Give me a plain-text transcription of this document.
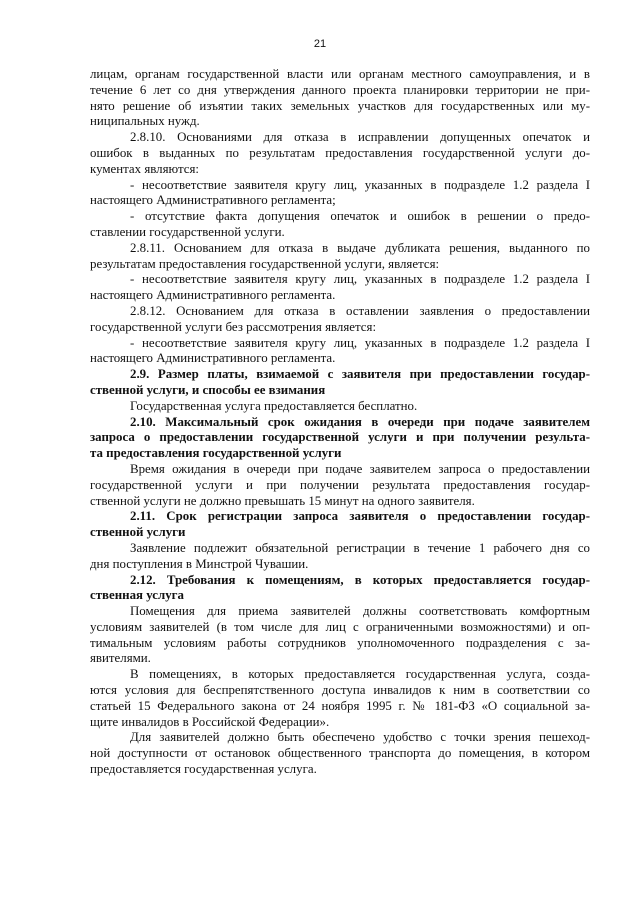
21
лицам, органам государственной власти или органам местного самоуправления, и в
течение 6 лет со дня утверждения данного проекта планировки территории не при-
нято решение об изъятии таких земельных участков для государственных или му-
ниципальных нужд.
2.8.10. Основаниями для отказа в исправлении допущенных опечаток и
ошибок в выданных по результатам предоставления государственной услуги до-
кументах являются:
- несоответствие заявителя кругу лиц, указанных в подразделе 1.2 раздела I
настоящего Административного регламента;
- отсутствие факта допущения опечаток и ошибок в решении о предо-
ставлении государственной услуги.
2.8.11. Основанием для отказа в выдаче дубликата решения, выданного по
результатам предоставления государственной услуги, является:
- несоответствие заявителя кругу лиц, указанных в подразделе 1.2 раздела I
настоящего Административного регламента.
2.8.12. Основанием для отказа в оставлении заявления о предоставлении
государственной услуги без рассмотрения является:
- несоответствие заявителя кругу лиц, указанных в подразделе 1.2 раздела I
настоящего Административного регламента.
2.9. Размер платы, взимаемой с заявителя при предоставлении государ-
ственной услуги, и способы ее взимания
Государственная услуга предоставляется бесплатно.
2.10. Максимальный срок ожидания в очереди при подаче заявителем
запроса о предоставлении государственной услуги и при получении результа-
та предоставления государственной услуги
Время ожидания в очереди при подаче заявителем запроса о предоставлении
государственной услуги и при получении результата предоставления государ-
ственной услуги не должно превышать 15 минут на одного заявителя.
2.11. Срок регистрации запроса заявителя о предоставлении государ-
ственной услуги
Заявление подлежит обязательной регистрации в течение 1 рабочего дня со
дня поступления в Минстрой Чувашии.
2.12. Требования к помещениям, в которых предоставляется государ-
ственная услуга
Помещения для приема заявителей должны соответствовать комфортным
условиям заявителей (в том числе для лиц с ограниченными возможностями) и оп-
тимальным условиям работы сотрудников уполномоченного подразделения с за-
явителями.
В помещениях, в которых предоставляется государственная услуга, созда-
ются условия для беспрепятственного доступа инвалидов к ним в соответствии со
статьей 15 Федерального закона от 24 ноября 1995 г. № 181-ФЗ «О социальной за-
щите инвалидов в Российской Федерации».
Для заявителей должно быть обеспечено удобство с точки зрения пешеход-
ной доступности от остановок общественного транспорта до помещения, в котором
предоставляется государственная услуга.
